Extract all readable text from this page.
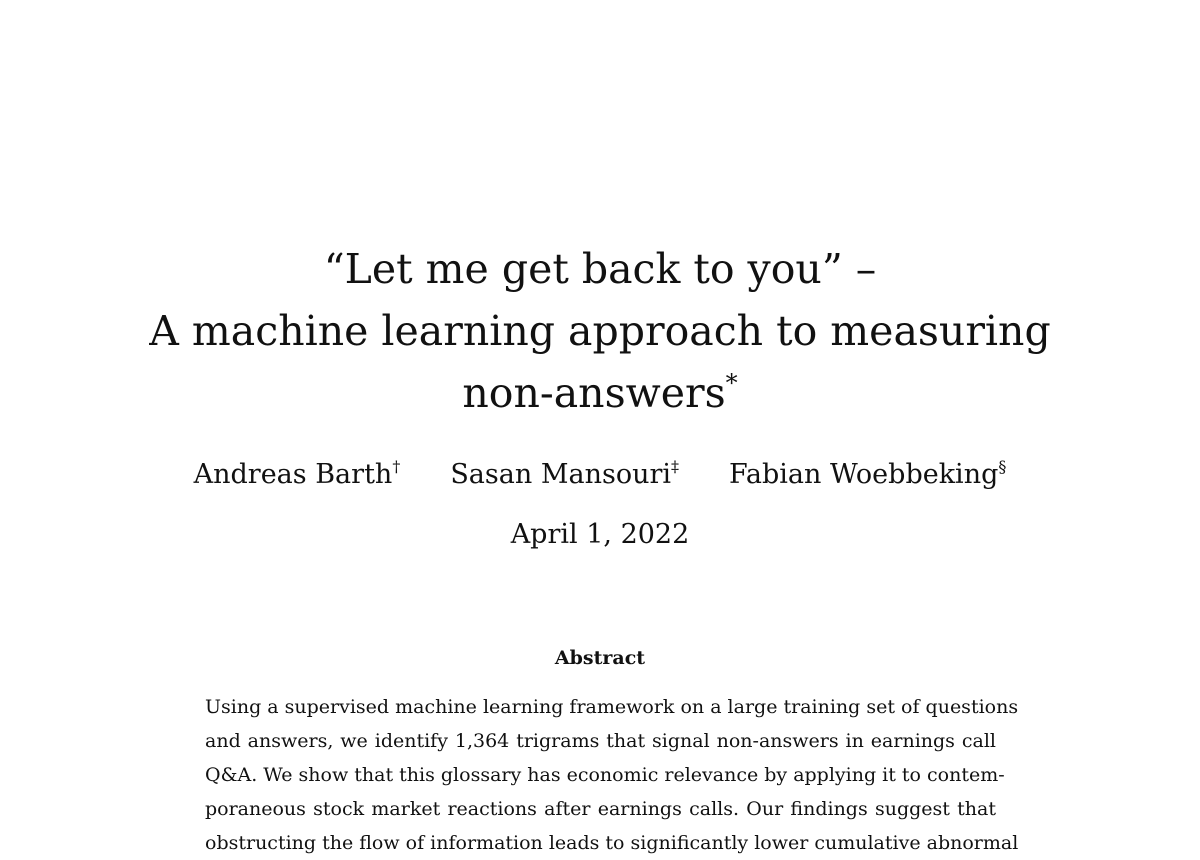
“Let me get back to you” –
A machine learning approach to measuring
non-answers*
Andreas Barth† Sasan Mansouri‡ Fabian Woebbeking§
April 1, 2022
Abstract
Using a supervised machine learning framework on a large training set of questions
and answers, we identify 1,364 trigrams that signal non-answers in earnings call
Q&A. We show that this glossary has economic relevance by applying it to contem-
poraneous stock market reactions after earnings calls. Our findings suggest that
obstructing the flow of information leads to significantly lower cumulative abnormal
